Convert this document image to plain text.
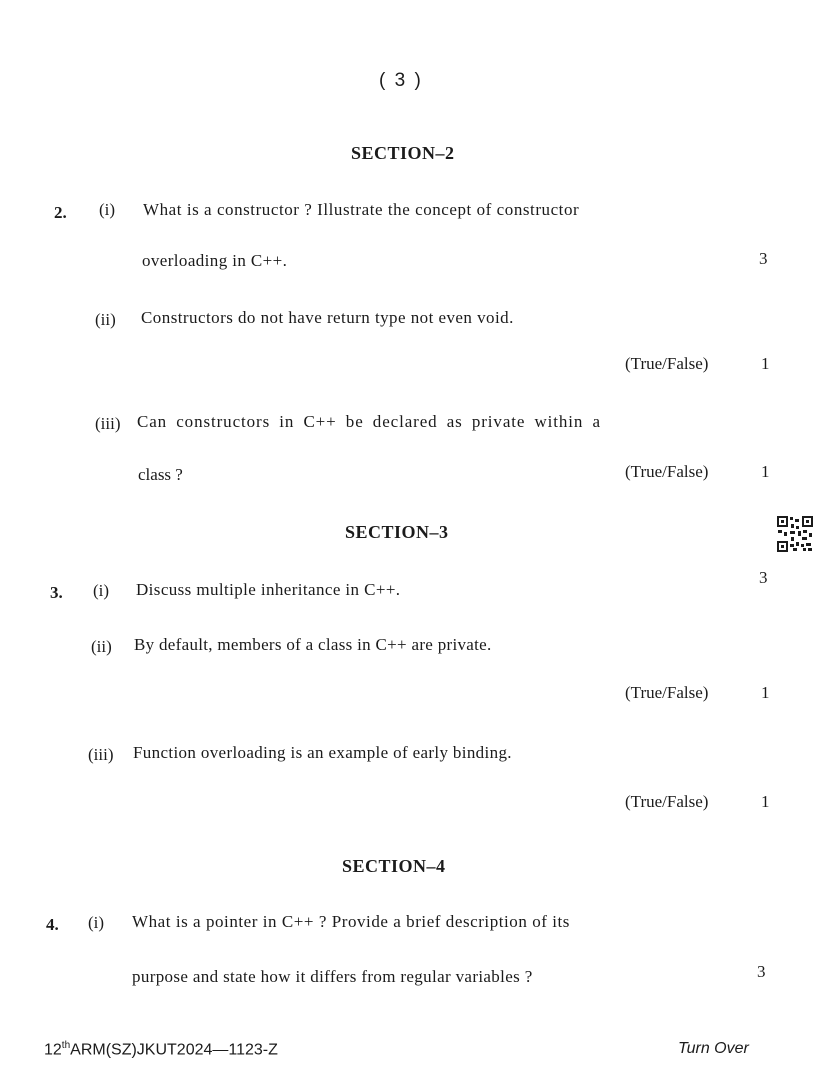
( 3 )
SECTION–2
2. (i) What is a constructor ? Illustrate the concept of constructor
overloading in C++.	3
(ii) Constructors do not have return type not even void.
(True/False)	1
(iii) Can constructors in C++ be declared as private within a
class ?	(True/False)	1
SECTION–3
3. (i) Discuss multiple inheritance in C++.
3
(ii) By default, members of a class in C++ are private.
(True/False)	1
(iii) Function overloading is an example of early binding.
(True/False)	1
SECTION–4
4. (i) What is a pointer in C++ ? Provide a brief description of its
purpose and state how it differs from regular variables ?	3
12thARM(SZ)JKUT2024—1123-Z	Turn Over
